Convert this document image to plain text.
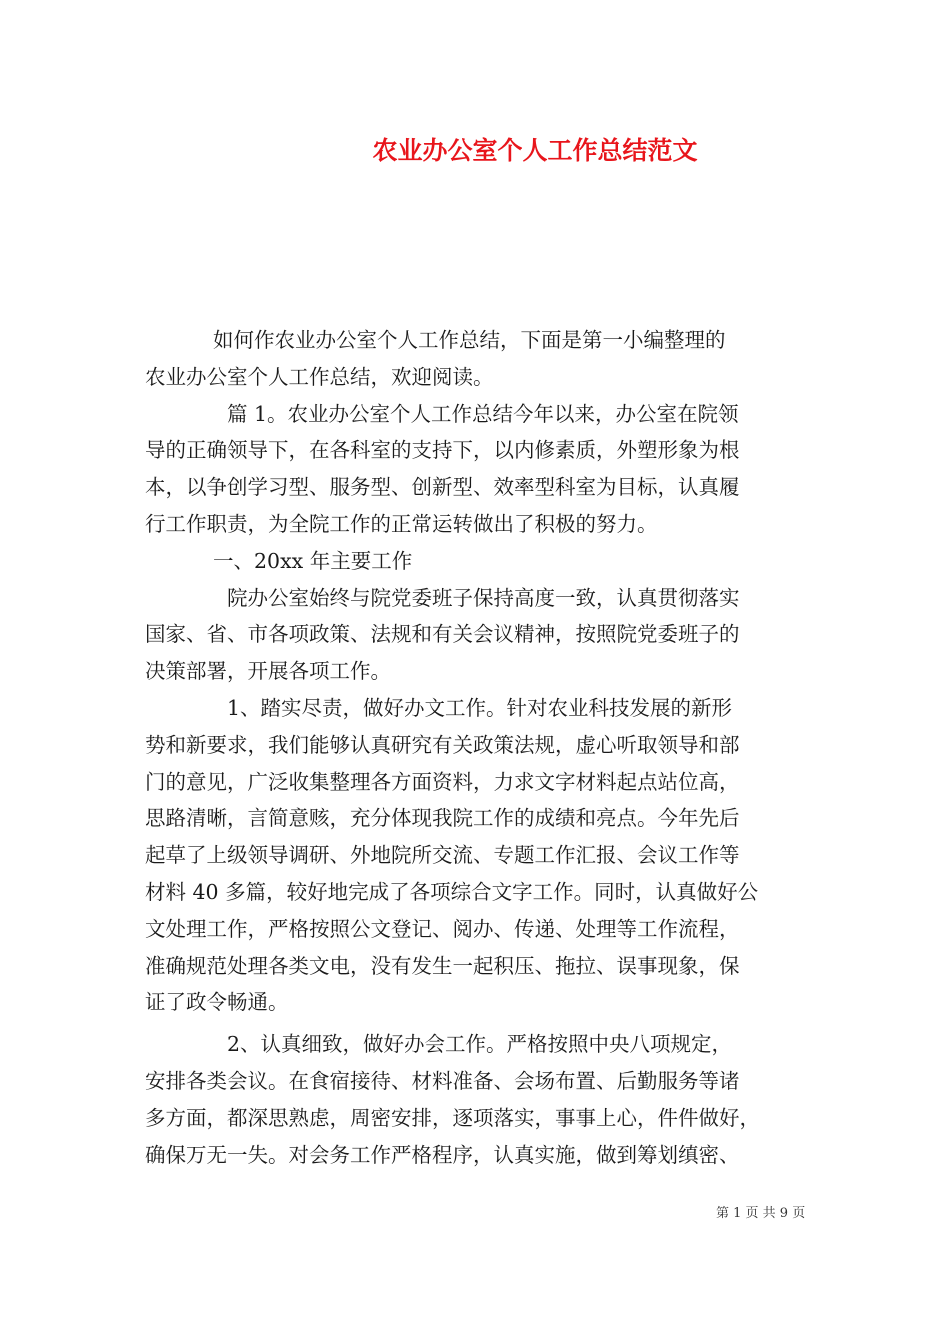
农业办公室个人工作总结范文

　　　 如何作农业办公室个人工作总结，下面是第一小编整理的

农业办公室个人工作总结，欢迎阅读。

　　　　篇 1。农业办公室个人工作总结今年以来，办公室在院领

导的正确领导下，在各科室的支持下，以内修素质，外塑形象为根

本，以争创学习型、服务型、创新型、效率型科室为目标，认真履

行工作职责，为全院工作的正常运转做出了积极的努力。

　　　 一、20xx 年主要工作

　　　　院办公室始终与院党委班子保持高度一致，认真贯彻落实

国家、省、市各项政策、法规和有关会议精神，按照院党委班子的

决策部署，开展各项工作。

　　　　1、踏实尽责，做好办文工作。针对农业科技发展的新形

势和新要求，我们能够认真研究有关政策法规，虚心听取领导和部

门的意见，广泛收集整理各方面资料，力求文字材料起点站位高，

思路清晰，言简意赅，充分体现我院工作的成绩和亮点。今年先后

起草了上级领导调研、外地院所交流、专题工作汇报、会议工作等

材料 40 多篇，较好地完成了各项综合文字工作。同时，认真做好公

文处理工作，严格按照公文登记、阅办、传递、处理等工作流程，

准确规范处理各类文电，没有发生一起积压、拖拉、误事现象，保

证了政令畅通。

　　　　2、认真细致，做好办会工作。严格按照中央八项规定，

安排各类会议。在食宿接待、材料准备、会场布置、后勤服务等诸

多方面，都深思熟虑，周密安排，逐项落实，事事上心，件件做好，

确保万无一失。对会务工作严格程序，认真实施，做到筹划缜密、

第 1 页 共 9 页
